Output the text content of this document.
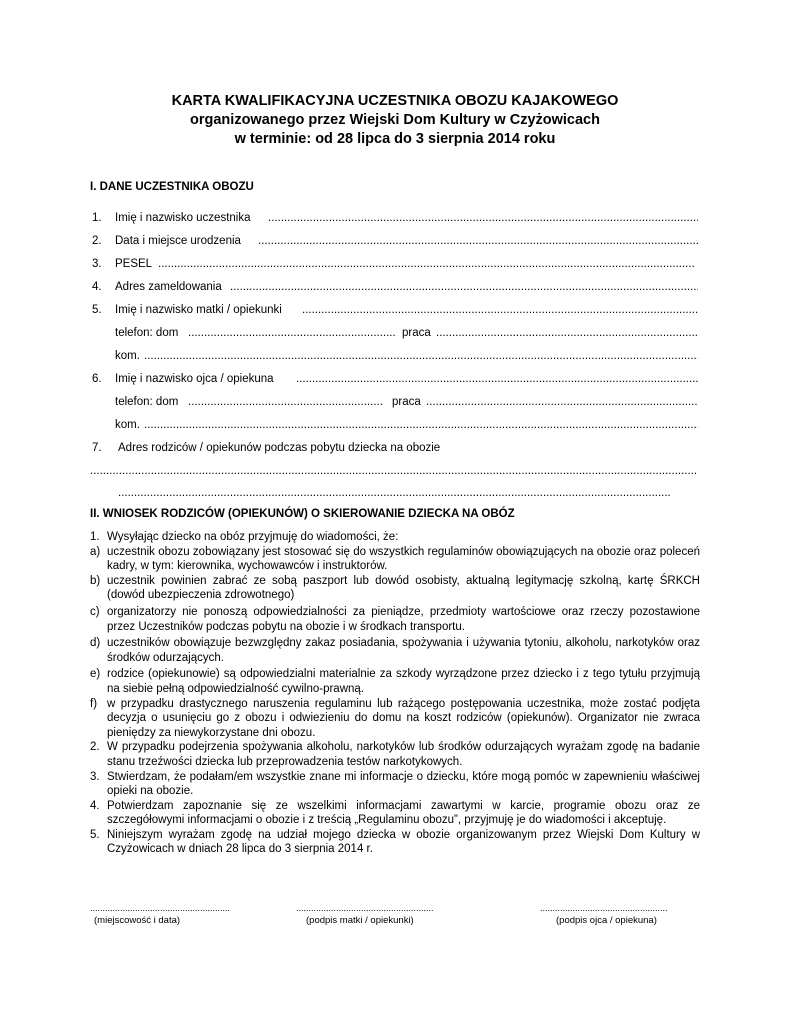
KARTA KWALIFIKACYJNA UCZESTNIKA OBOZU KAJAKOWEGO
organizowanego przez Wiejski Dom Kultury w Czyżowicach
w terminie: od 28 lipca do 3 sierpnia 2014 roku
I. DANE UCZESTNIKA OBOZU
1. Imię i nazwisko uczestnika
.....
2. Data i miejsce urodzenia
.....
3. PESEL
.....
4. Adres zameldowania
.....
5. Imię i nazwisko matki / opiekunki
.....
telefon: dom .....	praca
.....
kom.
.....
6. Imię i nazwisko ojca / opiekuna
.....
telefon: dom .....	praca
.....
kom.
.....
7. Adres rodziców / opiekunów podczas pobytu dziecka na obozie
.....
.....
II. WNIOSEK RODZICÓW (OPIEKUNÓW) O SKIEROWANIE DZIECKA NA OBÓZ

1. Wysyłając dziecko na obóz przyjmuję do wiadomości, że:

a) uczestnik obozu zobowiązany jest stosować się do wszystkich regulaminów obowiązujących na obozie oraz poleceń kadry, w tym: kierownika, wychowawców i instruktorów.

b) uczestnik powinien zabrać ze sobą paszport lub dowód osobisty, aktualną legitymację szkolną, kartę ŚRKCH (dowód ubezpieczenia zdrowotnego)

c) organizatorzy nie ponoszą odpowiedzialności za pieniądze, przedmioty wartościowe oraz rzeczy pozostawione przez Uczestników podczas pobytu na obozie i w środkach transportu.

d) uczestników obowiązuje bezwzględny zakaz posiadania, spożywania i używania tytoniu, alkoholu, narkotyków oraz środków odurzających.

e) rodzice (opiekunowie) są odpowiedzialni materialnie za szkody wyrządzone przez dziecko i z tego tytułu przyjmują na siebie pełną odpowiedzialność cywilno-prawną.

f) w przypadku drastycznego naruszenia regulaminu lub rażącego postępowania uczestnika, może zostać podjęta decyzja o usunięciu go z obozu i odwiezieniu do domu na koszt rodziców (opiekunów). Organizator nie zwraca pieniędzy za niewykorzystane dni obozu.

2. W przypadku podejrzenia spożywania alkoholu, narkotyków lub środków odurzających wyrażam zgodę na badanie stanu trzeźwości dziecka lub przeprowadzenia testów narkotykowych.

3. Stwierdzam, że podałam/em wszystkie znane mi informacje o dziecku, które mogą pomóc w zapewnieniu właściwej opieki na obozie.

4. Potwierdzam zapoznanie się ze wszelkimi informacjami zawartymi w karcie, programie obozu oraz ze szczegółowymi informacjami o obozie i z treścią „Regulaminu obozu”, przyjmuję je do wiadomości i akceptuję.

5. Niniejszym wyrażam zgodę na udział mojego dziecka w obozie organizowanym przez Wiejski Dom Kultury w Czyżowicach w dniach 28 lipca do 3 sierpnia 2014 r.

.....
(miejscowość i data)
.....	(podpis matki / opiekunki)
.....	(podpis ojca / opiekuna)
